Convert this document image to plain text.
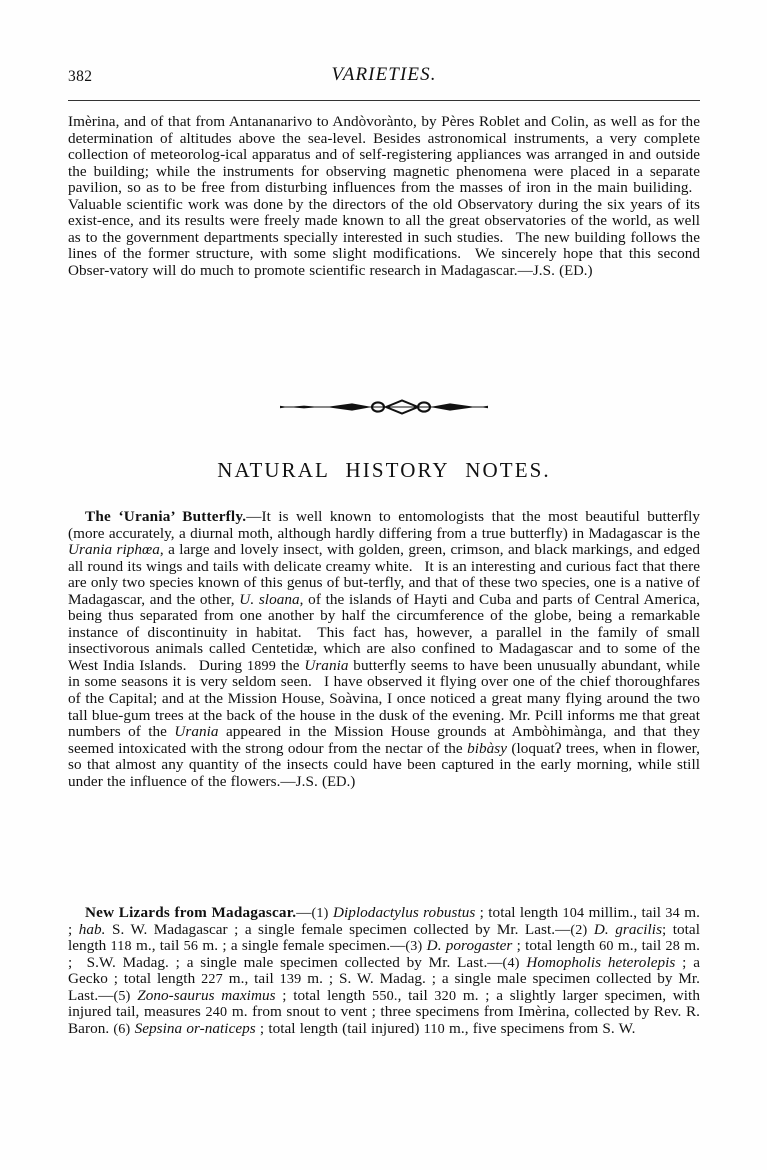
382	VARIETIES.

Imèrina, and of that from Antananarivo to Andòvorànto, by Pères Roblet and Colin, as well as for the determination of altitudes above the sea-level. Besides astronomical instruments, a very complete collection of meteorolog-ical apparatus and of self-registering appliances was arranged in and outside the building; while the instruments for observing magnetic phenomena were placed in a separate pavilion, so as to be free from disturbing influences from the masses of iron in the main builiding.  Valuable scientific work was done by the directors of the old Observatory during the six years of its exist-ence, and its results were freely made known to all the great observatories of the world, as well as to the government departments specially interested in such studies.  The new building follows the lines of the former structure, with some slight modifications.  We sincerely hope that this second Obser-vatory will do much to promote scientific research in Madagascar.—J.S. (ED.)

NATURAL HISTORY NOTES.

The ‘Urania’ Butterfly.—It is well known to entomologists that the most beautiful butterfly (more accurately, a diurnal moth, although hardly differing from a true butterfly) in Madagascar is the Urania riphœa, a large and lovely insect, with golden, green, crimson, and black markings, and edged all round its wings and tails with delicate creamy white.  It is an interesting and curious fact that there are only two species known of this genus of but-terfly, and that of these two species, one is a native of Madagascar, and the other, U. sloana, of the islands of Hayti and Cuba and parts of Central America, being thus separated from one another by half the circumference of the globe, being a remarkable instance of discontinuity in habitat.  This fact has, however, a parallel in the family of small insectivorous animals called Centetidæ, which are also confined to Madagascar and to some of the West India Islands.  During 1899 the Urania butterfly seems to have been unusually abundant, while in some seasons it is very seldom seen.  I have observed it flying over one of the chief thoroughfares of the Capital; and at the Mission House, Soàvina, I once noticed a great many flying around the two tall blue-gum trees at the back of the house in the dusk of the evening. Mr. Pcill informs me that great numbers of the Urania appeared in the Mission House grounds at Ambòhimànga, and that they seemed intoxicated with the strong odour from the nectar of the bibàsy (loquatʔ trees, when in flower, so that almost any quantity of the insects could have been captured in the early morning, while still under the influence of the flowers.—J.S. (ED.)

New Lizards from Madagascar.—(1) Diplodactylus robustus ; total length 104 millim., tail 34 m. ; hab. S. W. Madagascar ; a single female specimen collected by Mr. Last.—(2) D. gracilis; total length 118 m., tail 56 m. ; a single female specimen.—(3) D. porogaster ; total length 60 m., tail 28 m. ;  S.W. Madag. ; a single male specimen collected by Mr. Last.—(4) Homopholis heterolepis ; a Gecko ; total length 227 m., tail 139 m. ; S. W. Madag. ; a single male specimen collected by Mr. Last.—(5) Zono-saurus maximus ; total length 550., tail 320 m. ; a slightly larger specimen, with injured tail, measures 240 m. from snout to vent ; three specimens from Imèrina, collected by Rev. R. Baron. (6) Sepsina or-naticeps ; total length (tail injured) 110 m., five specimens from S. W.
